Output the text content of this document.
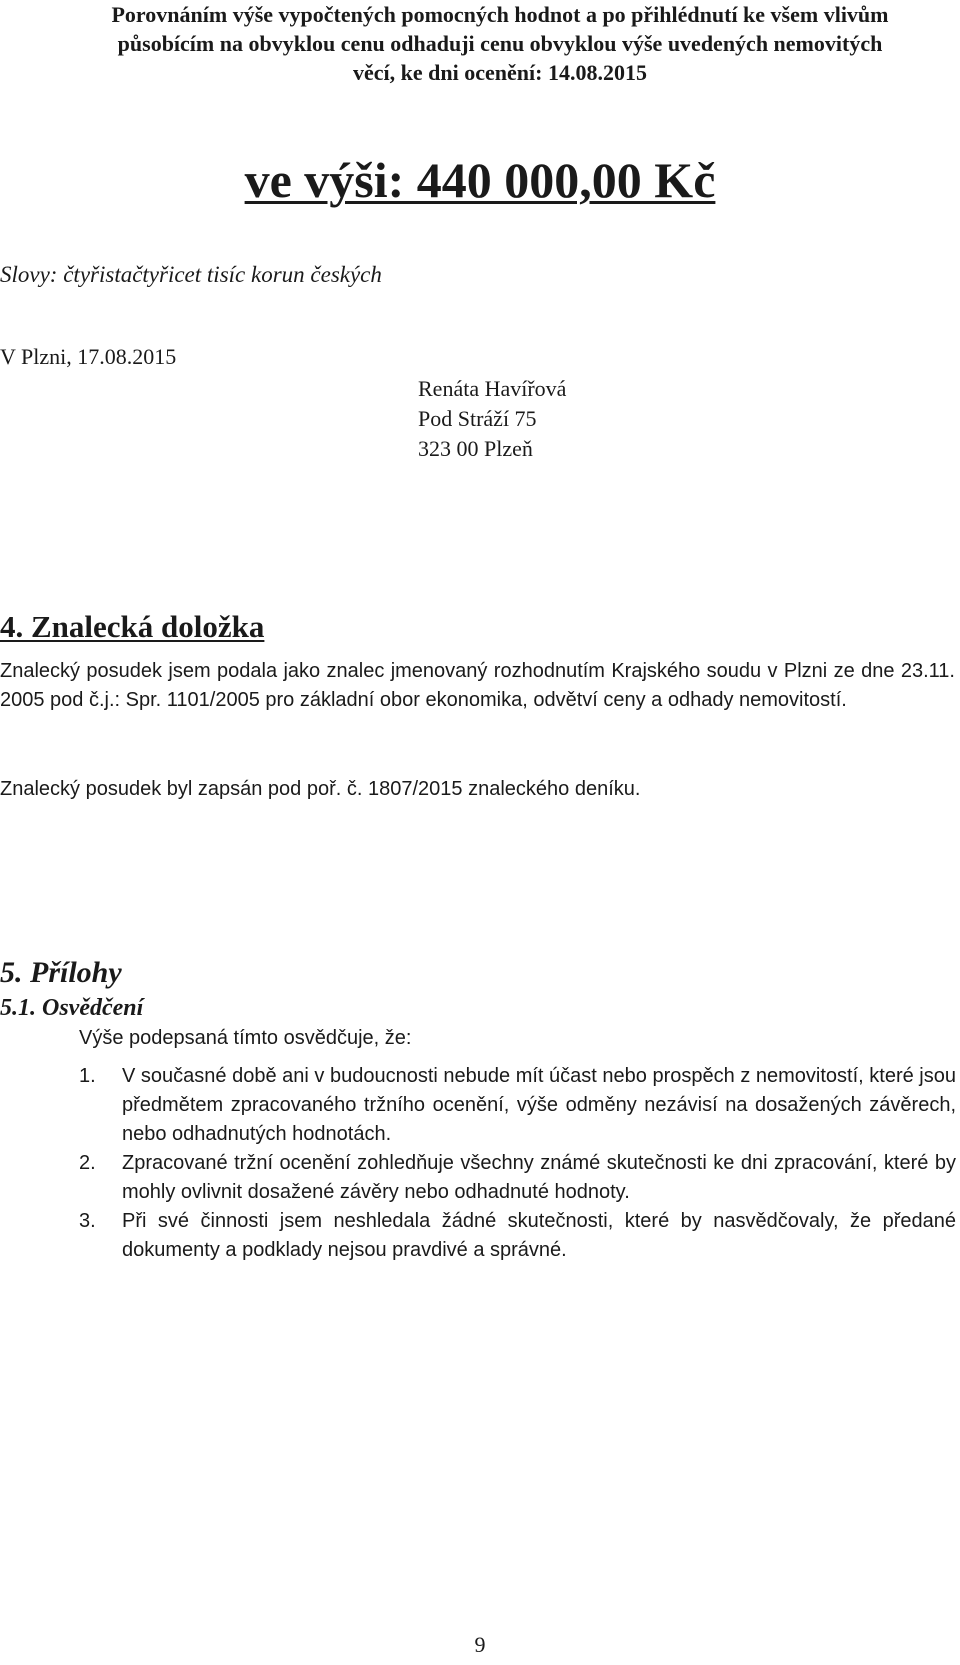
Porovnáním výše vypočtených pomocných hodnot a po přihlédnutí ke všem vlivům působícím na obvyklou cenu odhaduji cenu obvyklou výše uvedených nemovitých věcí, ke dni ocenění: 14.08.2015

ve výši: 440 000,00 Kč

Slovy: čtyřistačtyřicet tisíc korun českých

V Plzni, 17.08.2015

Renáta Havířová
Pod Stráží 75
323 00 Plzeň
4. Znalecká doložka

Znalecký posudek jsem podala jako znalec jmenovaný rozhodnutím Krajského soudu v Plzni ze dne 23.11. 2005 pod č.j.: Spr. 1101/2005 pro základní obor ekonomika, odvětví ceny a odhady nemovitostí.

Znalecký posudek byl zapsán pod poř. č. 1807/2015 znaleckého deníku.

5. Přílohy
5.1. Osvědčení

Výše podepsaná tímto osvědčuje, že:

1. V současné době ani v budoucnosti nebude mít účast nebo prospěch z nemovitostí, které jsou předmětem zpracovaného tržního ocenění, výše odměny nezávisí na dosažených závěrech, nebo odhadnutých hodnotách.
2. Zpracované tržní ocenění zohledňuje všechny známé skutečnosti ke dni zpracování, které by mohly ovlivnit dosažené závěry nebo odhadnuté hodnoty.
3. Při své činnosti jsem neshledala žádné skutečnosti, které by nasvědčovaly, že předané dokumenty a podklady nejsou pravdivé a správné.

9
